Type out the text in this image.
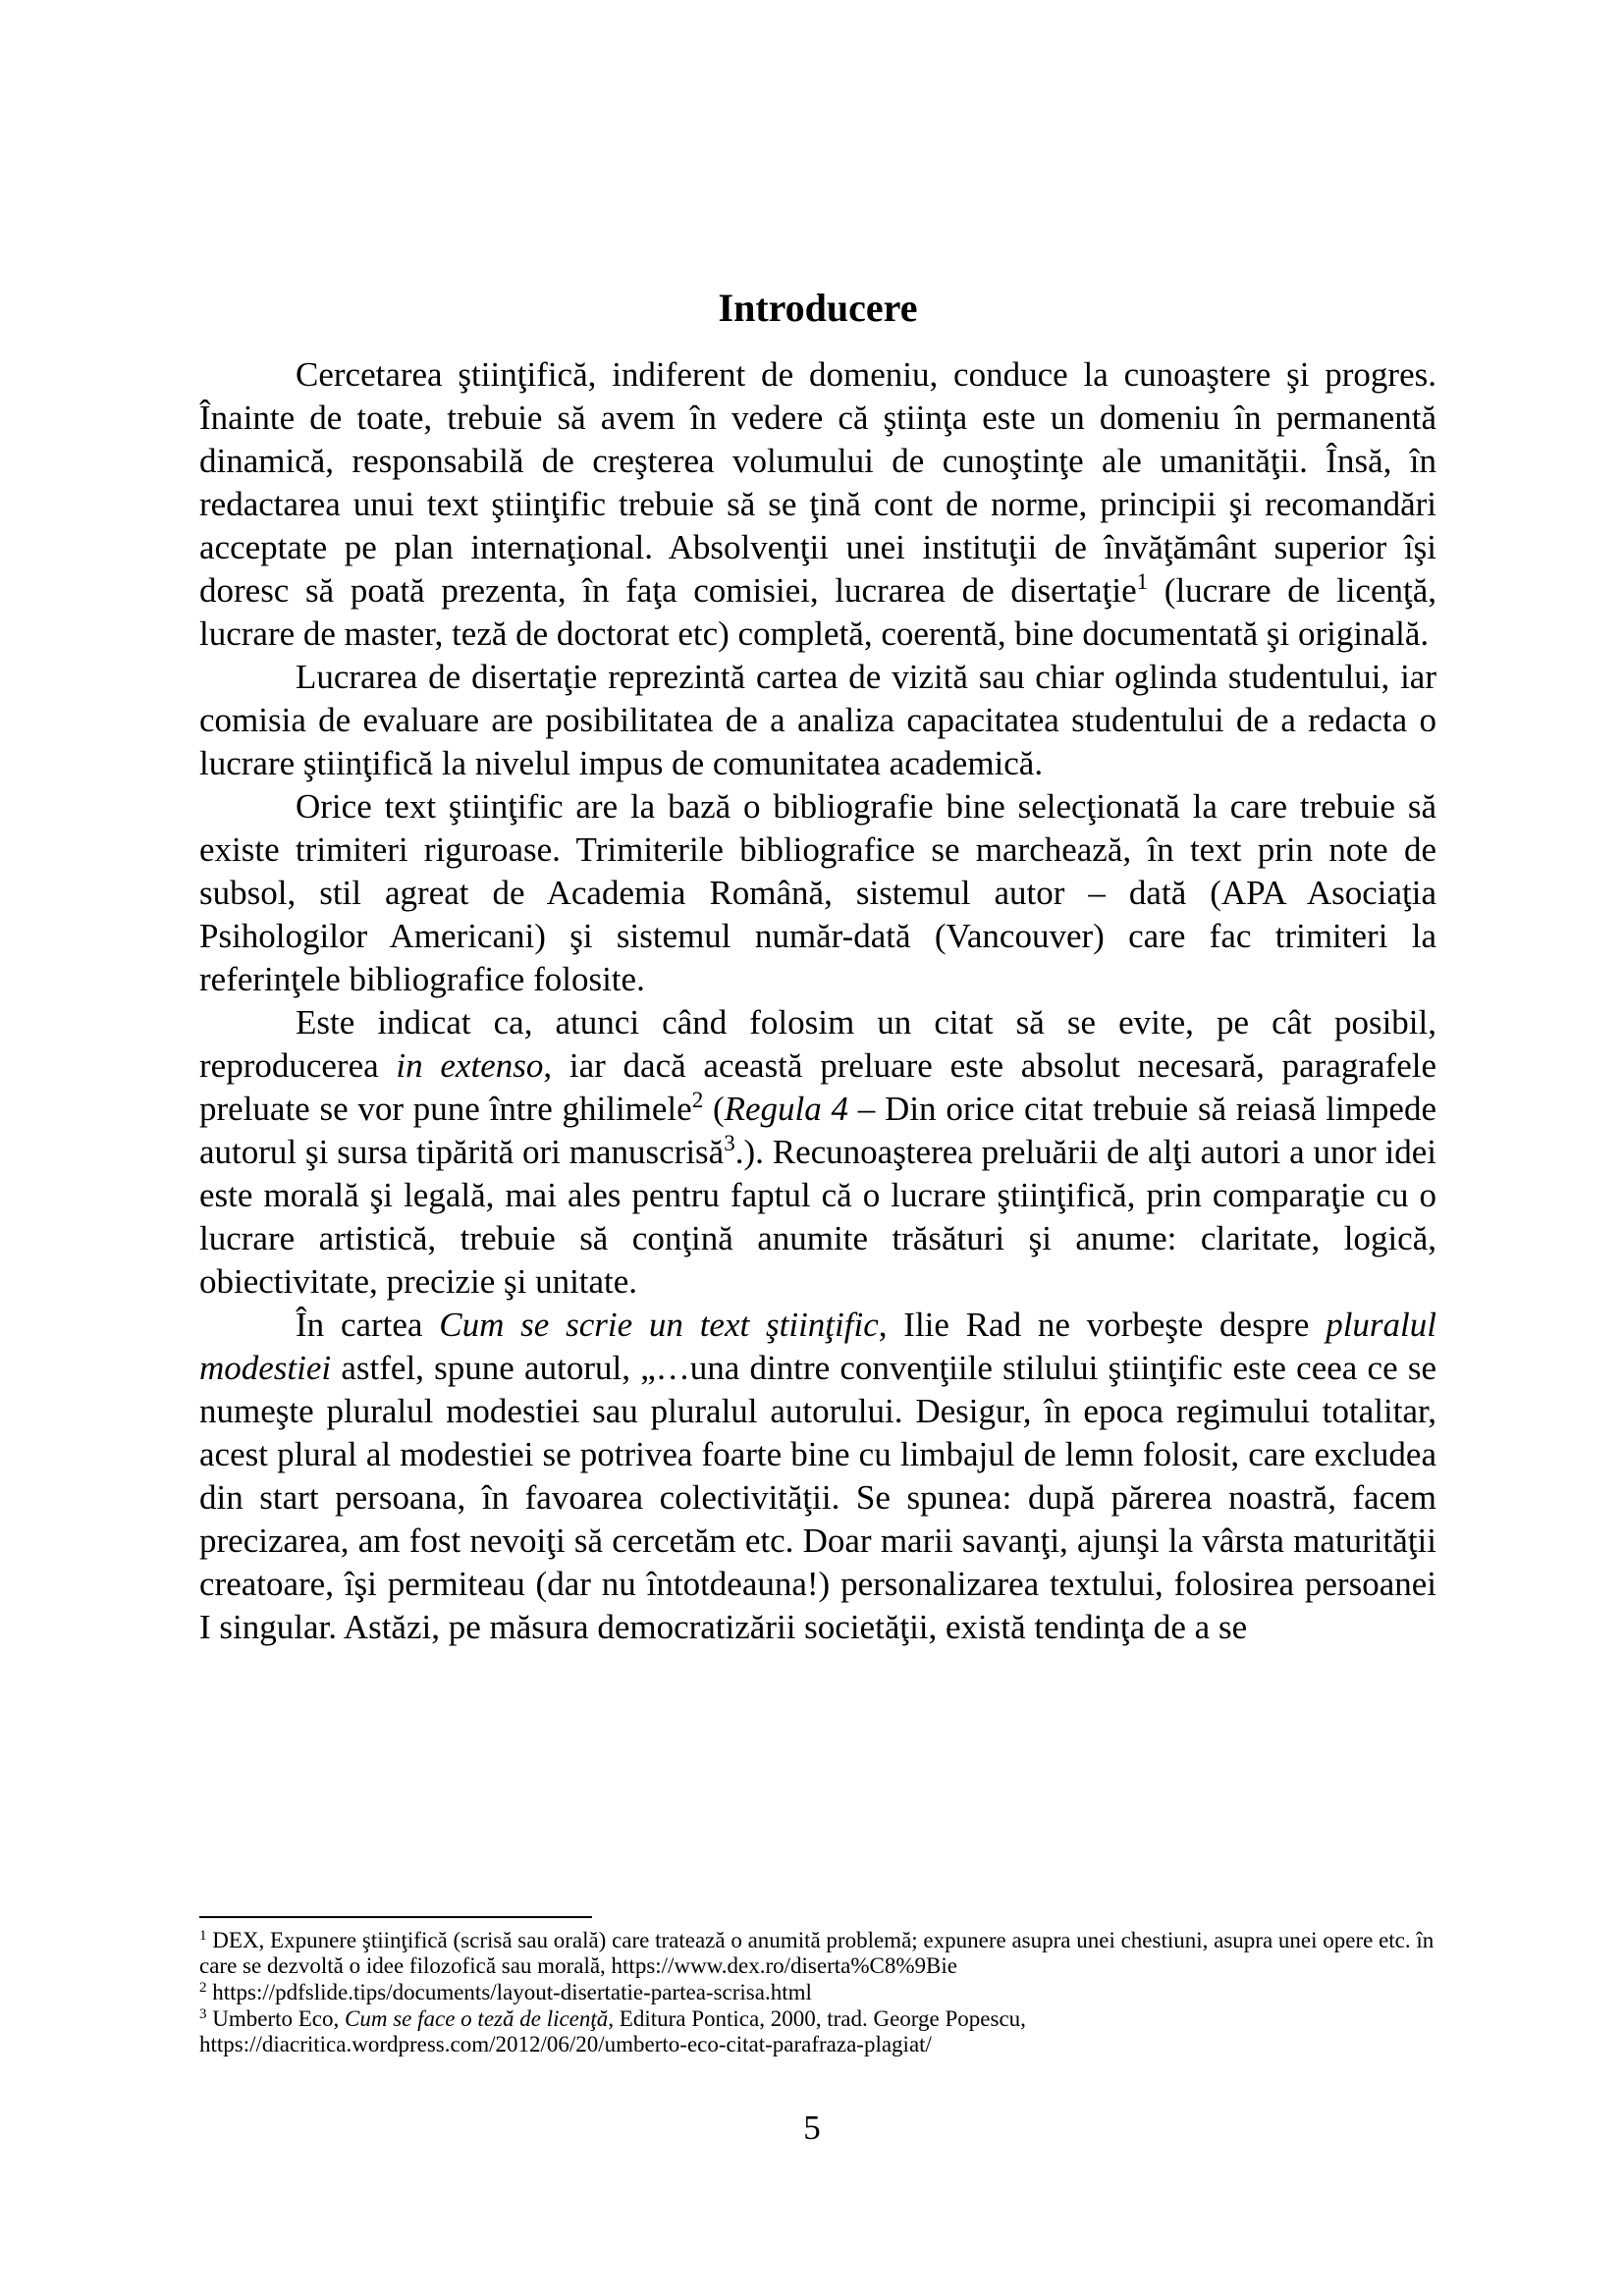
Introducere

Cercetarea ştiinţifică, indiferent de domeniu, conduce la cunoaştere şi progres. Înainte de toate, trebuie să avem în vedere că ştiinţa este un domeniu în permanentă dinamică, responsabilă de creşterea volumului de cunoştinţe ale umanităţii. Însă, în redactarea unui text ştiinţific trebuie să se ţină cont de norme, principii şi recomandări acceptate pe plan internaţional. Absolvenţii unei instituţii de învăţământ superior îşi doresc să poată prezenta, în faţa comisiei, lucrarea de disertaţie$^1$ (lucrare de licenţă, lucrare de master, teză de doctorat etc) completă, coerentă, bine documentată şi originală.

Lucrarea de disertaţie reprezintă cartea de vizită sau chiar oglinda studentului, iar comisia de evaluare are posibilitatea de a analiza capacitatea studentului de a redacta o lucrare ştiinţifică la nivelul impus de comunitatea academică.

Orice text ştiinţific are la bază o bibliografie bine selecţionată la care trebuie să existe trimiteri riguroase. Trimiterile bibliografice se marchează, în text prin note de subsol, stil agreat de Academia Română, sistemul autor – dată (APA Asociaţia Psihologilor Americani) şi sistemul număr-dată (Vancouver) care fac trimiteri la referinţele bibliografice folosite.

Este indicat ca, atunci când folosim un citat să se evite, pe cât posibil, reproducerea in extenso, iar dacă această preluare este absolut necesară, paragrafele preluate se vor pune între ghilimele$^2$ (Regula 4 – Din orice citat trebuie să reiasă limpede autorul şi sursa tipărită ori manuscrisă$^3$.). Recunoaşterea preluării de alţi autori a unor idei este morală şi legală, mai ales pentru faptul că o lucrare ştiinţifică, prin comparaţie cu o lucrare artistică, trebuie să conţină anumite trăsături şi anume: claritate, logică, obiectivitate, precizie şi unitate.

În cartea Cum se scrie un text ştiinţific, Ilie Rad ne vorbeşte despre pluralul modestiei astfel, spune autorul, „…una dintre convenţiile stilului ştiinţific este ceea ce se numeşte pluralul modestiei sau pluralul autorului. Desigur, în epoca regimului totalitar, acest plural al modestiei se potrivea foarte bine cu limbajul de lemn folosit, care excludea din start persoana, în favoarea colectivităţii. Se spunea: după părerea noastră, facem precizarea, am fost nevoiţi să cercetăm etc. Doar marii savanţi, ajunşi la vârsta maturităţii creatoare, îşi permiteau (dar nu întotdeauna!) personalizarea textului, folosirea persoanei I singular. Astăzi, pe măsura democratizării societăţii, există tendinţa de a se

$^1$ DEX, Expunere ştiinţifică (scrisă sau orală) care tratează o anumită problemă; expunere asupra unei chestiuni, asupra unei opere etc. în care se dezvoltă o idee filozofică sau morală, https://www.dex.ro/diserta%C8%9Bie

$^2$ https://pdfslide.tips/documents/layout-disertatie-partea-scrisa.html

$^3$ Umberto Eco, Cum se face o teză de licenţă, Editura Pontica, 2000, trad. George Popescu, https://diacritica.wordpress.com/2012/06/20/umberto-eco-citat-parafraza-plagiat/

5
